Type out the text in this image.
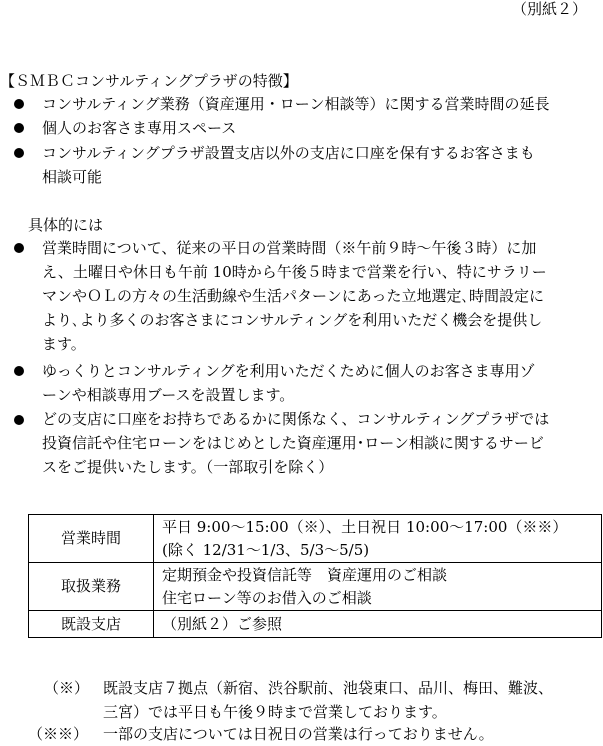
（別紙２）
【ＳＭＢＣコンサルティングプラザの特徴】
コンサルティング業務（資産運用・ローン相談等）に関する営業時間の延長
個人のお客さま専用スペース
コンサルティングプラザ設置支店以外の支店に口座を保有するお客さまも
相談可能
具体的には
営業時間について、従来の平日の営業時間（※午前９時～午後３時）に加
え、土曜日や休日も午前 10時から午後５時まで営業を行い、特にサラリー
マンやＯＬの方々の生活動線や生活パターンにあった立地選定､時間設定に
より､より多くのお客さまにコンサルティングを利用いただく機会を提供し
ます。
ゆっくりとコンサルティングを利用いただくために個人のお客さま専用ゾ
ーンや相談専用ブースを設置します。
どの支店に口座をお持ちであるかに関係なく、コンサルティングプラザでは
投資信託や住宅ローンをはじめとした資産運用･ローン相談に関するサービ
スをご提供いたします。（一部取引を除く）
営業時間	平日 9:00～15:00（※）、土日祝日 10:00～17:00（※※）
(除く 12/31～1/3、5/3～5/5)
取扱業務	定期預金や投資信託等　資産運用のご相談
住宅ローン等のお借入のご相談
既設支店	（別紙２）ご参照
（※） 既設支店７拠点（新宿、渋谷駅前、池袋東口、品川、梅田、難波、
三宮）では平日も午後９時まで営業しております。
（※※） 一部の支店については日祝日の営業は行っておりません。
